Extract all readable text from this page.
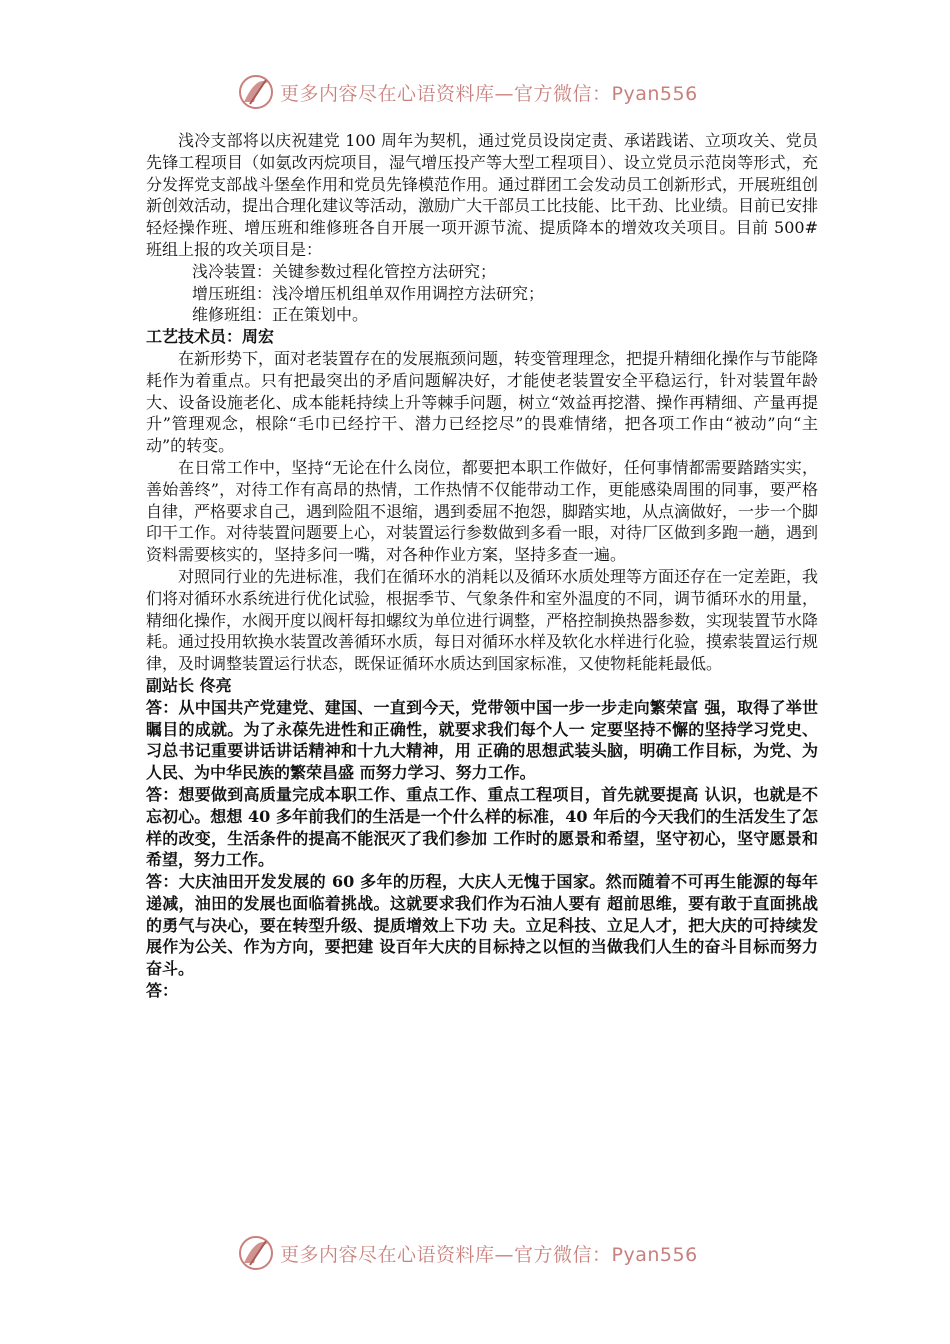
更多内容尽在心语资料库—官方微信：Pyan556

浅冷支部将以庆祝建党 100 周年为契机，通过党员设岗定责、承诺践诺、立项攻关、党员先锋工程项目（如氨改丙烷项目，湿气增压投产等大型工程项目）、设立党员示范岗等形式，充分发挥党支部战斗堡垒作用和党员先锋模范作用。通过群团工会发动员工创新形式，开展班组创新创效活动，提出合理化建议等活动，激励广大干部员工比技能、比干劲、比业绩。目前已安排轻烃操作班、增压班和维修班各自开展一项开源节流、提质降本的增效攻关项目。目前 500#班组上报的攻关项目是：

浅冷装置：关键参数过程化管控方法研究；

增压班组：浅冷增压机组单双作用调控方法研究；

维修班组：正在策划中。

工艺技术员：周宏

在新形势下，面对老装置存在的发展瓶颈问题，转变管理理念，把提升精细化操作与节能降耗作为着重点。只有把最突出的矛盾问题解决好，才能使老装置安全平稳运行，针对装置年龄大、设备设施老化、成本能耗持续上升等棘手问题，树立“效益再挖潜、操作再精细、产量再提升”管理观念，根除“毛巾已经拧干、潜力已经挖尽”的畏难情绪，把各项工作由“被动”向“主动”的转变。

在日常工作中，坚持“无论在什么岗位，都要把本职工作做好，任何事情都需要踏踏实实，善始善终”，对待工作有高昂的热情，工作热情不仅能带动工作，更能感染周围的同事，要严格自律，严格要求自己，遇到险阻不退缩，遇到委屈不抱怨，脚踏实地，从点滴做好，一步一个脚印干工作。对待装置问题要上心，对装置运行参数做到多看一眼，对待厂区做到多跑一趟，遇到资料需要核实的，坚持多问一嘴，对各种作业方案，坚持多查一遍。

对照同行业的先进标准，我们在循环水的消耗以及循环水质处理等方面还存在一定差距，我们将对循环水系统进行优化试验，根据季节、气象条件和室外温度的不同，调节循环水的用量，精细化操作，水阀开度以阀杆每扣螺纹为单位进行调整，严格控制换热器参数，实现装置节水降耗。通过投用软换水装置改善循环水质，每日对循环水样及软化水样进行化验，摸索装置运行规律，及时调整装置运行状态，既保证循环水质达到国家标准，又使物耗能耗最低。

副站长 佟亮

答：从中国共产党建党、建国、一直到今天，党带领中国一步一步走向繁荣富 强，取得了举世瞩目的成就。为了永葆先进性和正确性，就要求我们每个人一 定要坚持不懈的坚持学习党史、习总书记重要讲话讲话精神和十九大精神，用 正确的思想武装头脑，明确工作目标，为党、为人民、为中华民族的繁荣昌盛 而努力学习、努力工作。

答：想要做到高质量完成本职工作、重点工作、重点工程项目，首先就要提高 认识，也就是不忘初心。想想 40 多年前我们的生活是一个什么样的标准，40 年后的今天我们的生活发生了怎样的改变，生活条件的提高不能泯灭了我们参加 工作时的愿景和希望，坚守初心，坚守愿景和希望，努力工作。

答：大庆油田开发发展的 60 多年的历程，大庆人无愧于国家。然而随着不可再生能源的每年递减，油田的发展也面临着挑战。这就要求我们作为石油人要有 超前思维，要有敢于直面挑战的勇气与决心，要在转型升级、提质增效上下功 夫。立足科技、立足人才，把大庆的可持续发展作为公关、作为方向，要把建 设百年大庆的目标持之以恒的当做我们人生的奋斗目标而努力奋斗。

答：

更多内容尽在心语资料库—官方微信：Pyan556
